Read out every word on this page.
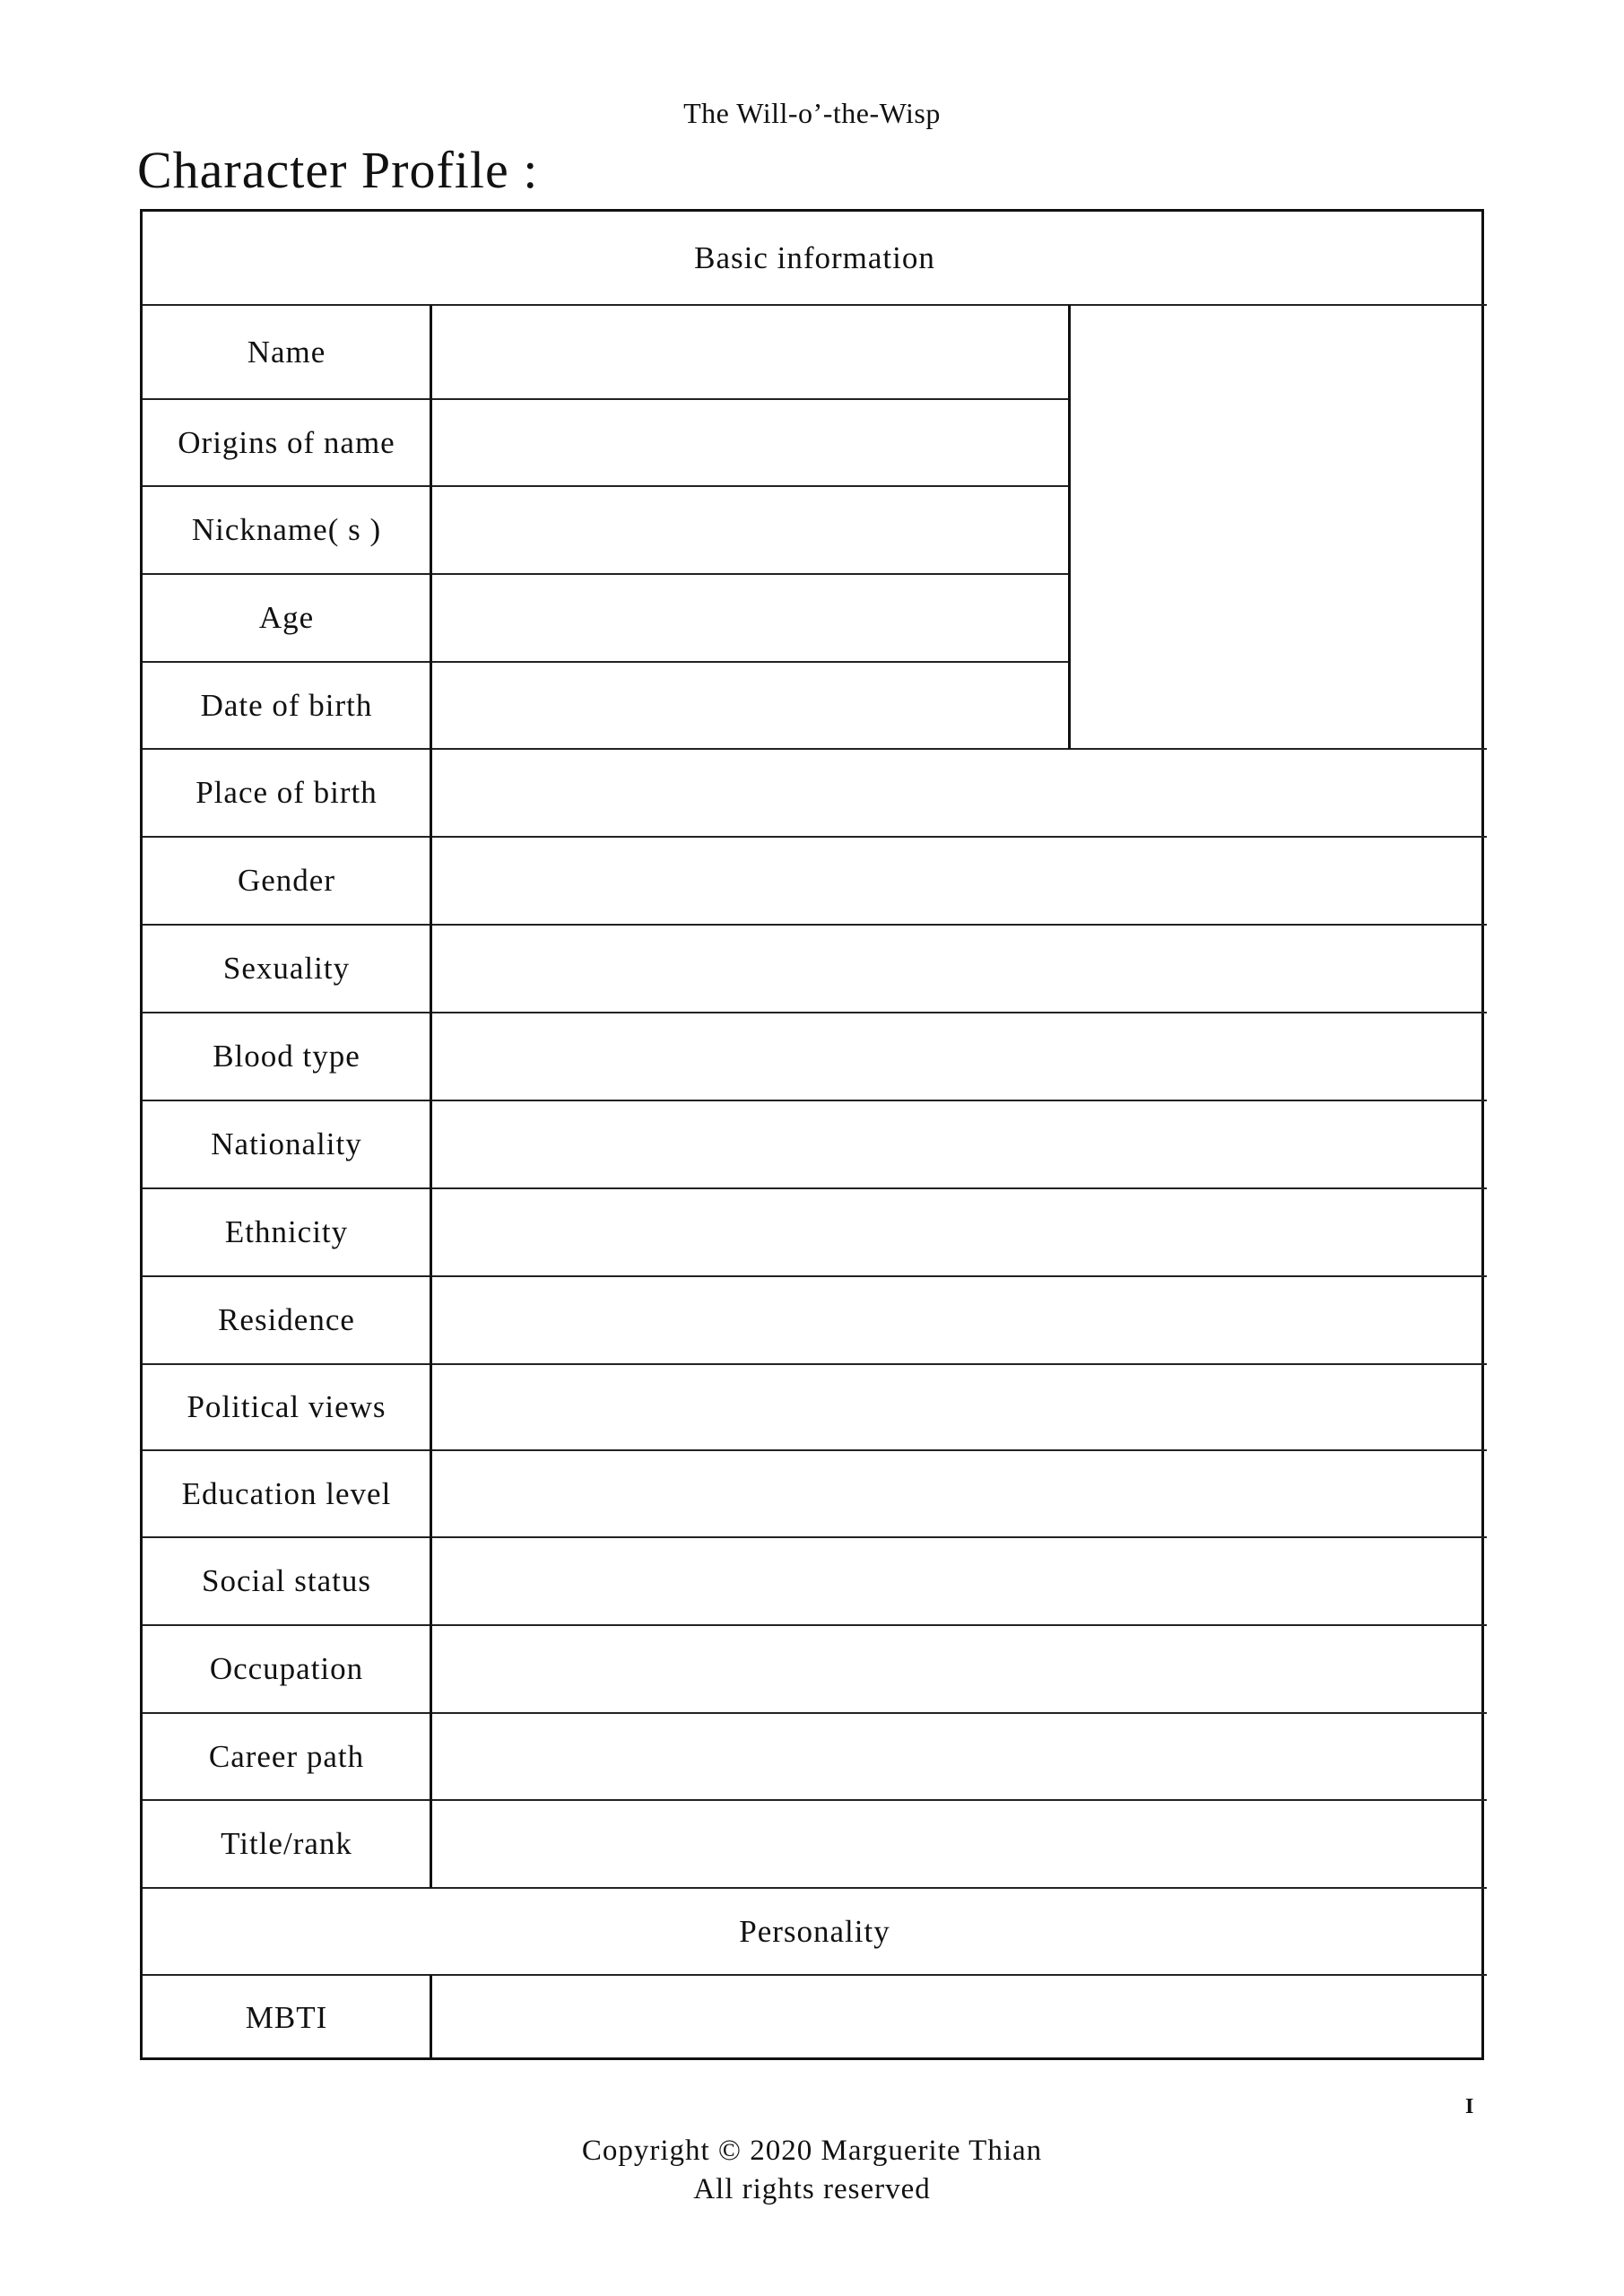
The Will-o’-the-Wisp
Character Profile :
Basic information
Name
Origins of name
Nickname( s )
Age
Date of birth
Place of birth
Gender
Sexuality
Blood type
Nationality
Ethnicity
Residence
Political views
Education level
Social status
Occupation
Career path
Title/rank
Personality
MBTI
Copyright © 2020 Marguerite Thian
All rights reserved
I
